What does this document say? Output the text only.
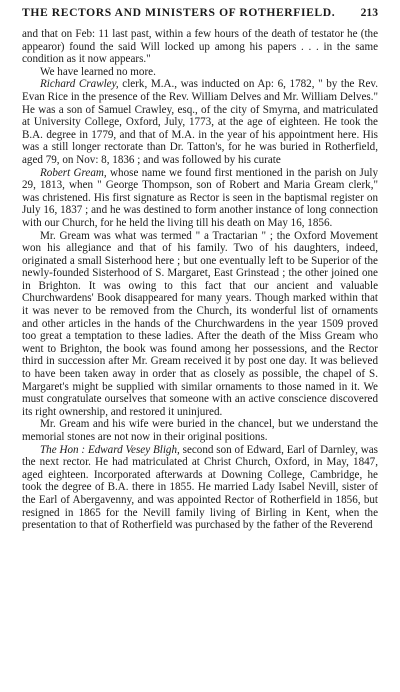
THE RECTORS AND MINISTERS OF ROTHERFIELD. 213

and that on Feb: 11 last past, within a few hours of the death of testator he (the appearor) found the said Will locked up among his papers . . . in the same condition as it now appears."

We have learned no more.

Richard Crawley, clerk, M.A., was inducted on Ap: 6, 1782, " by the Rev. Evan Rice in the presence of the Rev. William Delves and Mr. William Delves." He was a son of Samuel Crawley, esq., of the city of Smyrna, and matriculated at University College, Oxford, July, 1773, at the age of eighteen. He took the B.A. degree in 1779, and that of M.A. in the year of his appointment here. His was a still longer rectorate than Dr. Tatton's, for he was buried in Rotherfield, aged 79, on Nov: 8, 1836 ; and was followed by his curate

Robert Gream, whose name we found first mentioned in the parish on July 29, 1813, when " George Thompson, son of Robert and Maria Gream clerk," was christened. His first signature as Rector is seen in the baptismal register on July 16, 1837 ; and he was destined to form another instance of long connection with our Church, for he held the living till his death on May 16, 1856.

Mr. Gream was what was termed " a Tractarian " ; the Oxford Movement won his allegiance and that of his family. Two of his daughters, indeed, originated a small Sisterhood here ; but one eventually left to be Superior of the newly-founded Sisterhood of S. Margaret, East Grinstead ; the other joined one in Brighton. It was owing to this fact that our ancient and valuable Churchwardens' Book disappeared for many years. Though marked within that it was never to be removed from the Church, its wonderful list of ornaments and other articles in the hands of the Churchwardens in the year 1509 proved too great a temptation to these ladies. After the death of the Miss Gream who went to Brighton, the book was found among her possessions, and the Rector third in succession after Mr. Gream received it by post one day. It was believed to have been taken away in order that as closely as possible, the chapel of S. Margaret's might be supplied with similar ornaments to those named in it. We must congratulate ourselves that someone with an active conscience discovered its right ownership, and restored it uninjured.

Mr. Gream and his wife were buried in the chancel, but we understand the memorial stones are not now in their original positions.

The Hon : Edward Vesey Bligh, second son of Edward, Earl of Darnley, was the next rector. He had matriculated at Christ Church, Oxford, in May, 1847, aged eighteen. Incorporated afterwards at Downing College, Cambridge, he took the degree of B.A. there in 1855. He married Lady Isabel Nevill, sister of the Earl of Abergavenny, and was appointed Rector of Rotherfield in 1856, but resigned in 1865 for the Nevill family living of Birling in Kent, when the presentation to that of Rotherfield was purchased by the father of the Reverend
